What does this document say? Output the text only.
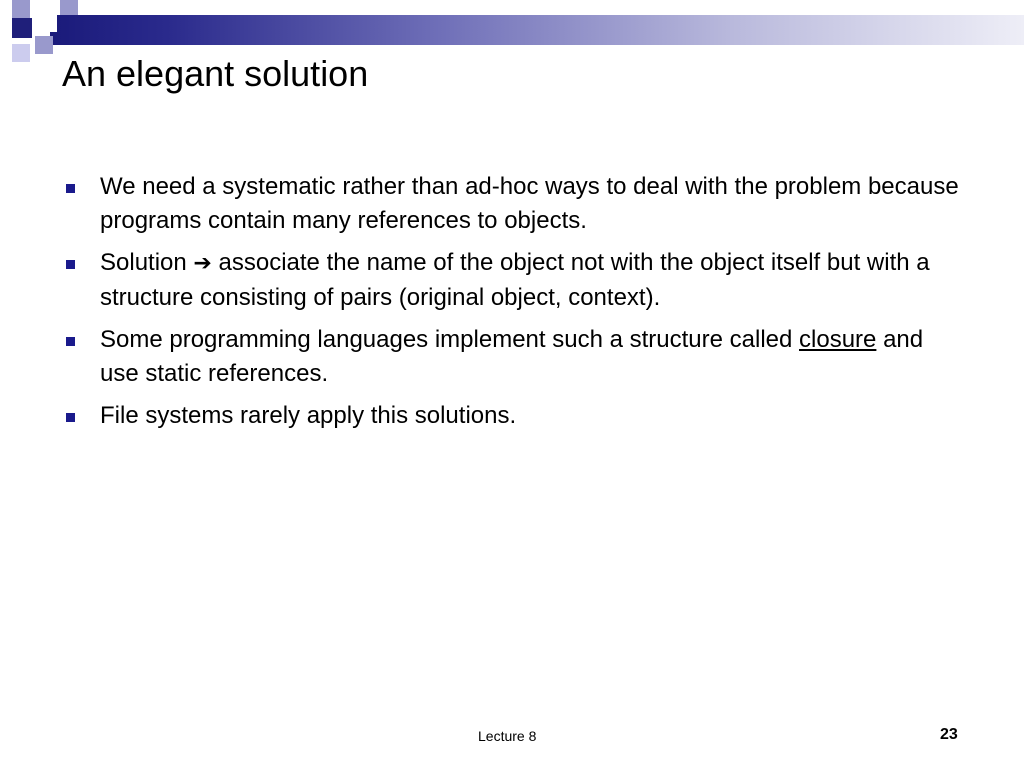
An elegant solution
We need a systematic rather than ad-hoc ways to deal with the problem because programs contain many references to objects.
Solution ➔ associate the name of the object not with the object itself but with a structure consisting of pairs (original object, context).
Some programming languages implement such a structure called closure and use static references.
File systems rarely apply this solutions.
Lecture 8	23
